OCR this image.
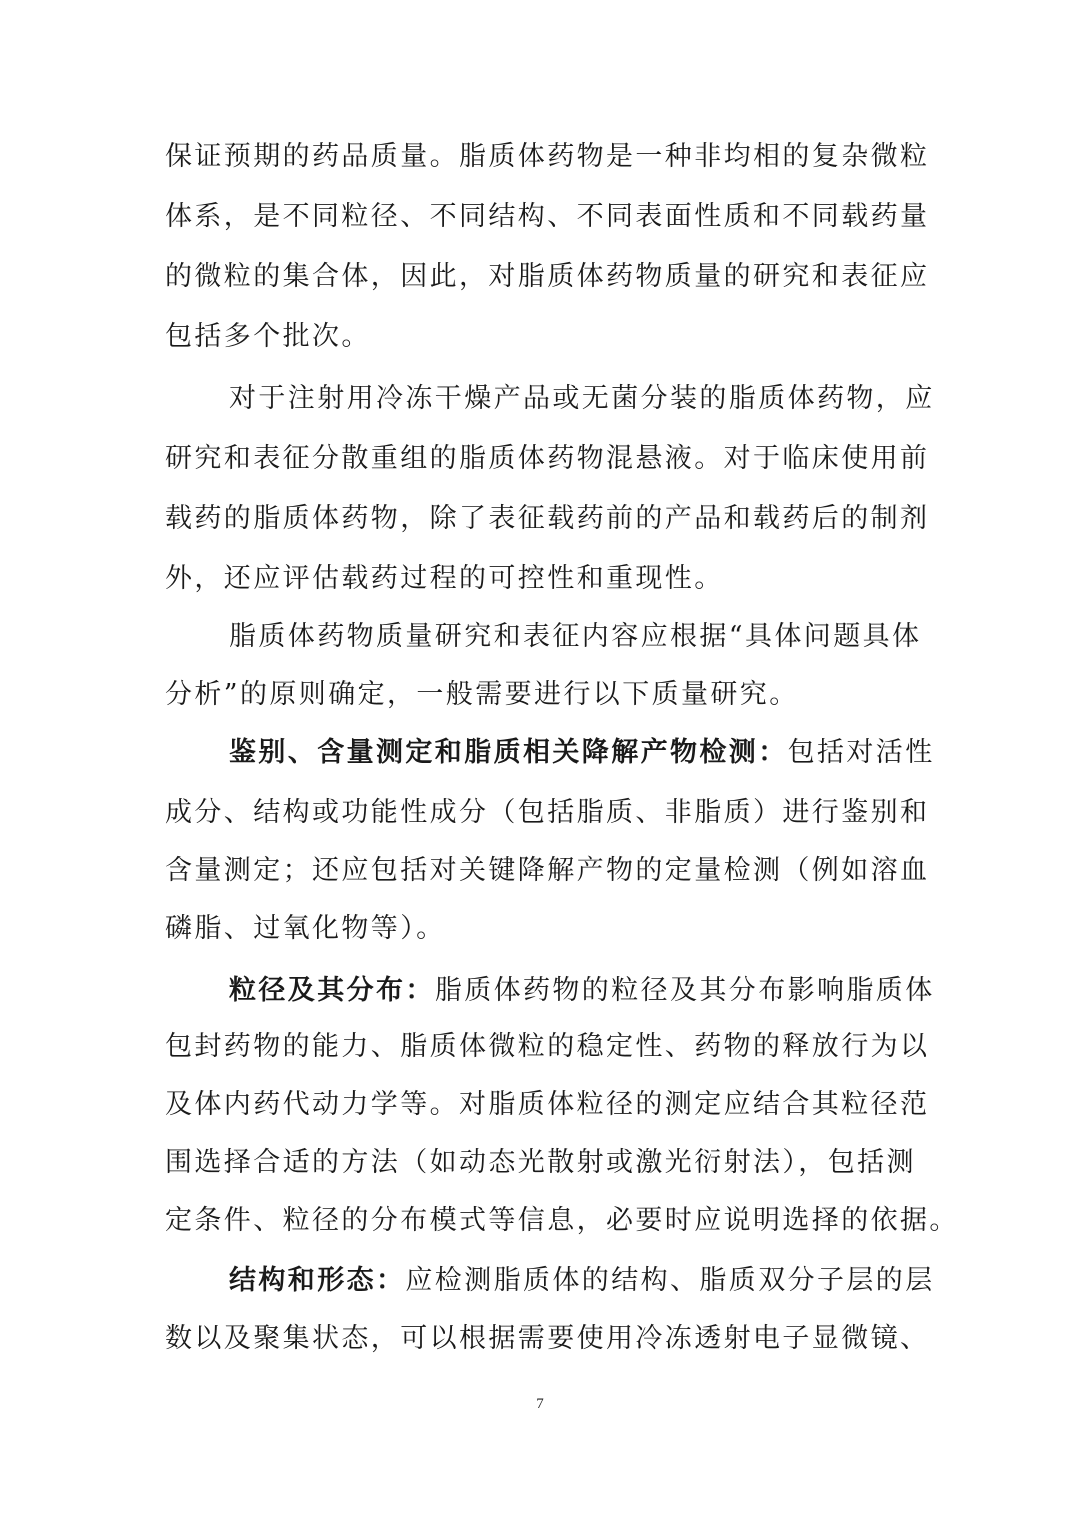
保证预期的药品质量。脂质体药物是一种非均相的复杂微粒
体系，是不同粒径、不同结构、不同表面性质和不同载药量
的微粒的集合体，因此，对脂质体药物质量的研究和表征应
包括多个批次。
对于注射用冷冻干燥产品或无菌分装的脂质体药物，应
研究和表征分散重组的脂质体药物混悬液。对于临床使用前
载药的脂质体药物，除了表征载药前的产品和载药后的制剂
外，还应评估载药过程的可控性和重现性。
脂质体药物质量研究和表征内容应根据“具体问题具体
分析”的原则确定，一般需要进行以下质量研究。
鉴别、含量测定和脂质相关降解产物检测：包括对活性
成分、结构或功能性成分（包括脂质、非脂质）进行鉴别和
含量测定；还应包括对关键降解产物的定量检测（例如溶血
磷脂、过氧化物等）。
粒径及其分布：脂质体药物的粒径及其分布影响脂质体
包封药物的能力、脂质体微粒的稳定性、药物的释放行为以
及体内药代动力学等。对脂质体粒径的测定应结合其粒径范
围选择合适的方法（如动态光散射或激光衍射法），包括测
定条件、粒径的分布模式等信息，必要时应说明选择的依据。
结构和形态：应检测脂质体的结构、脂质双分子层的层
数以及聚集状态，可以根据需要使用冷冻透射电子显微镜、
7
